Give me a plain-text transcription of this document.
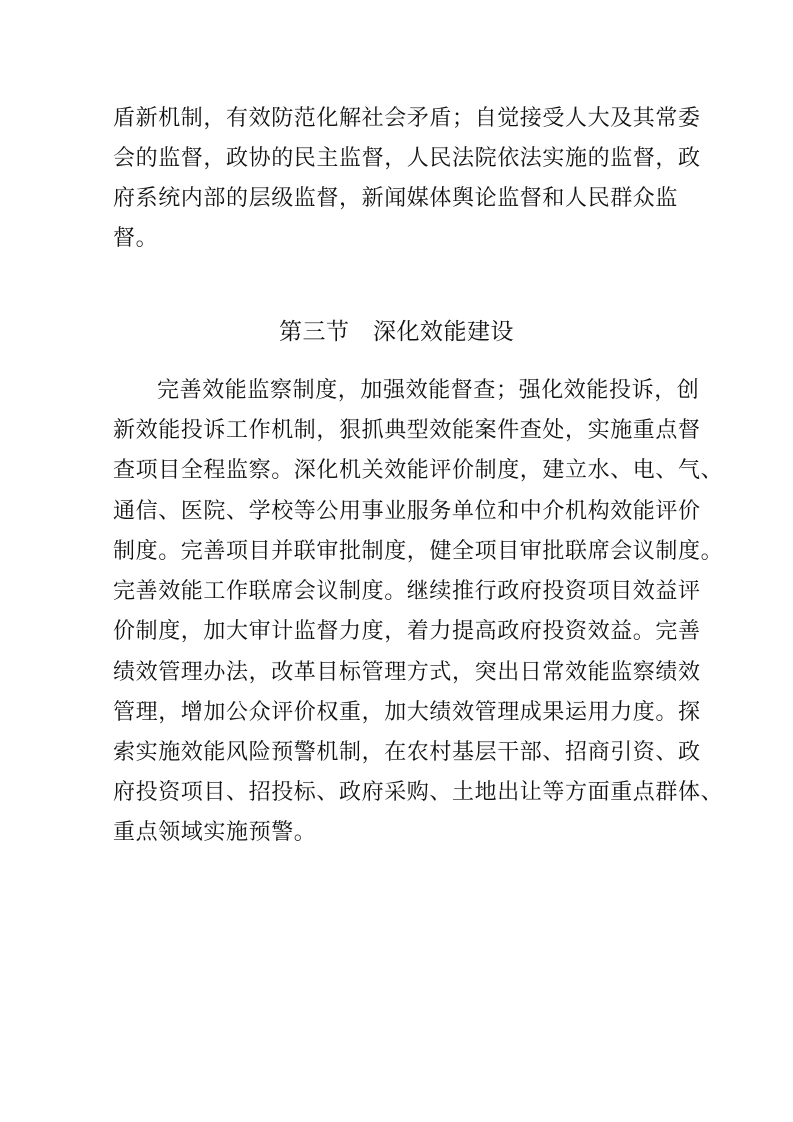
盾新机制，有效防范化解社会矛盾；自觉接受人大及其常委
会的监督，政协的民主监督，人民法院依法实施的监督，政
府系统内部的层级监督，新闻媒体舆论监督和人民群众监
督。
第三节　深化效能建设
完善效能监察制度，加强效能督查；强化效能投诉，创
新效能投诉工作机制，狠抓典型效能案件查处，实施重点督
查项目全程监察。深化机关效能评价制度，建立水、电、气、
通信、医院、学校等公用事业服务单位和中介机构效能评价
制度。完善项目并联审批制度，健全项目审批联席会议制度。
完善效能工作联席会议制度。继续推行政府投资项目效益评
价制度，加大审计监督力度，着力提高政府投资效益。完善
绩效管理办法，改革目标管理方式，突出日常效能监察绩效
管理，增加公众评价权重，加大绩效管理成果运用力度。探
索实施效能风险预警机制，在农村基层干部、招商引资、政
府投资项目、招投标、政府采购、土地出让等方面重点群体、
重点领域实施预警。
